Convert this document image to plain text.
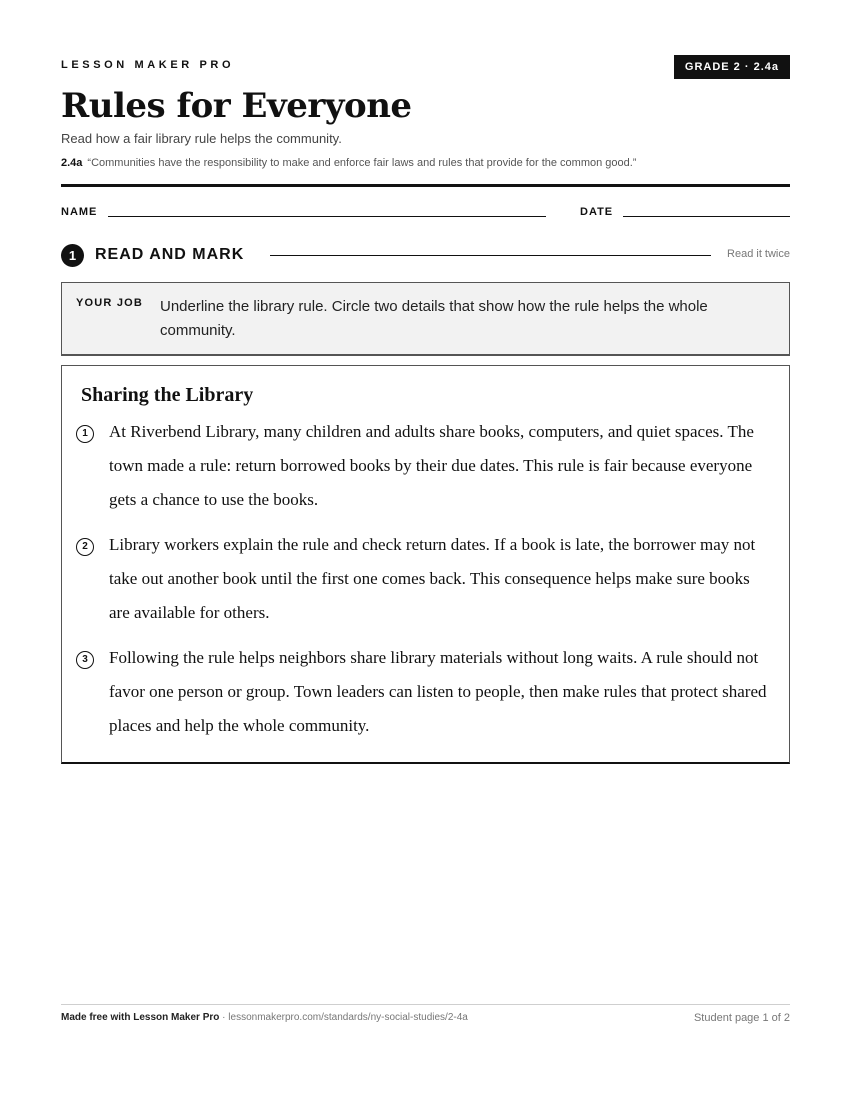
LESSON MAKER PRO	GRADE 2 · 2.4a
Rules for Everyone
Read how a fair library rule helps the community.
2.4a “Communities have the responsibility to make and enforce fair laws and rules that provide for the common good.”
NAME	DATE
1	READ AND MARK	Read it twice
YOUR JOB Underline the library rule. Circle two details that show how the rule helps the whole community.
Sharing the Library
1	At Riverbend Library, many children and adults share books, computers, and quiet spaces. The town made a rule: return borrowed books by their due dates. This rule is fair because everyone gets a chance to use the books.
2	Library workers explain the rule and check return dates. If a book is late, the borrower may not take out another book until the first one comes back. This consequence helps make sure books are available for others.
3	Following the rule helps neighbors share library materials without long waits. A rule should not favor one person or group. Town leaders can listen to people, then make rules that protect shared places and help the whole community.
Made free with Lesson Maker Pro · lessonmakerpro.com/standards/ny-social-studies/2-4a	Student page 1 of 2
